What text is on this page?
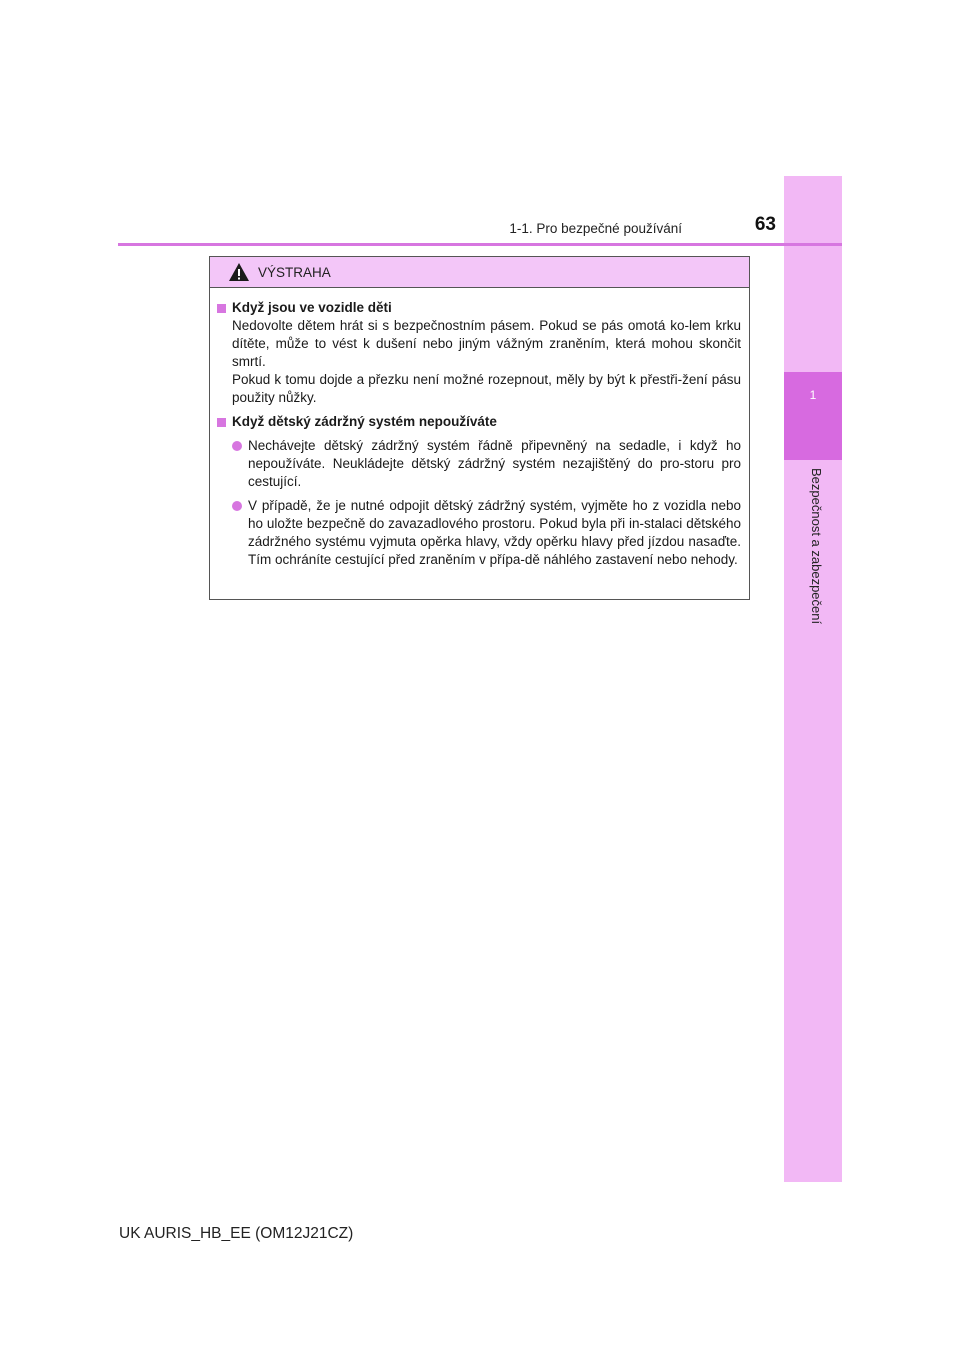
1
Bezpečnost a zabezpečení
1-1. Pro bezpečné používání	63
VÝSTRAHA
Když jsou ve vozidle děti
Nedovolte dětem hrát si s bezpečnostním pásem. Pokud se pás omotá ko-lem krku dítěte, může to vést k dušení nebo jiným vážným zraněním, která mohou skončit smrtí.
Pokud k tomu dojde a přezku není možné rozepnout, měly by být k přestři-žení pásu použity nůžky.
Když dětský zádržný systém nepoužíváte
Nechávejte dětský zádržný systém řádně připevněný na sedadle, i když ho nepoužíváte. Neukládejte dětský zádržný systém nezajištěný do pro-storu pro cestující.
V případě, že je nutné odpojit dětský zádržný systém, vyjměte ho z vozidla nebo ho uložte bezpečně do zavazadlového prostoru. Pokud byla při in-stalaci dětského zádržného systému vyjmuta opěrka hlavy, vždy opěrku hlavy před jízdou nasaďte. Tím ochráníte cestující před zraněním v přípa-dě náhlého zastavení nebo nehody.
UK AURIS_HB_EE (OM12J21CZ)
